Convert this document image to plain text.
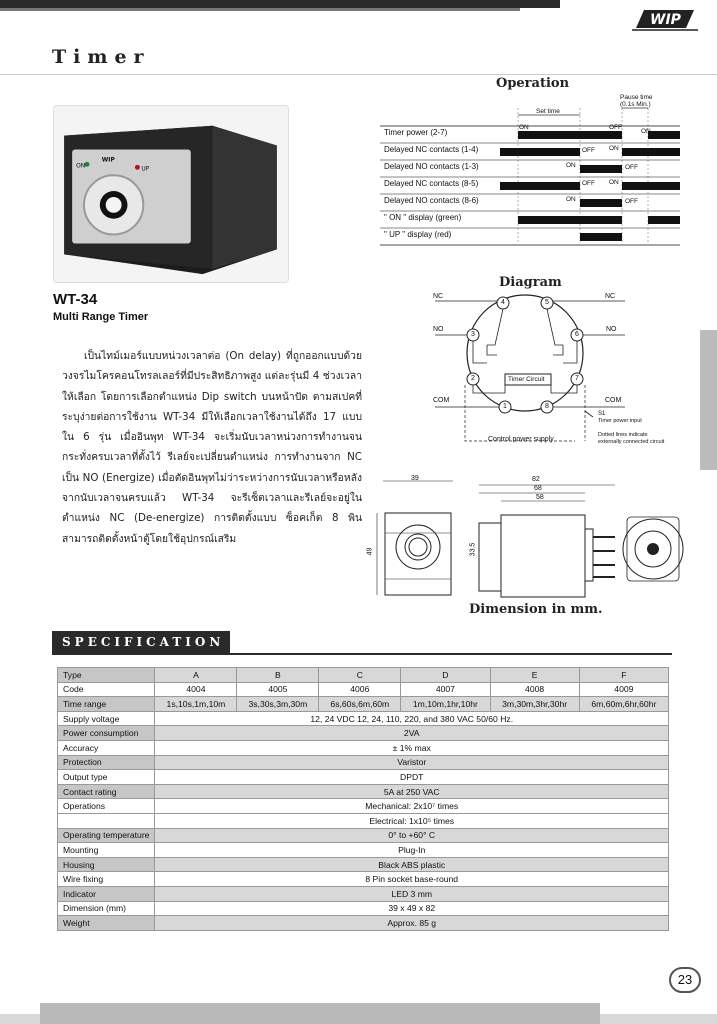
WIP
Timer
ON	UP
WIP
WT-34
Multi Range Timer
เป็นไทม์เมอร์แบบหน่วงเวลาต่อ (On delay) ที่ถูกออกแบบด้วยวงจรไมโครคอนโทรลเลอร์ที่มีประสิทธิภาพสูง แต่ละรุ่นมี 4 ช่วงเวลาให้เลือก โดยการเลือกตำแหน่ง Dip switch บนหน้าปัด ตามสเปคที่ระบุง่ายต่อการใช้งาน WT-34 มีให้เลือกเวลาใช้งานได้ถึง 17 แบบใน 6 รุ่น เมื่ออินพุท WT-34 จะเริ่มนับเวลาหน่วงการทำงานจนกระทั่งครบเวลาที่ตั้งไว้ รีเลย์จะเปลี่ยนตำแหน่ง การทำงานจาก NC เป็น NO (Energize) เมื่อตัดอินพุทไม่ว่าระหว่างการนับเวลาหรือหลังจากนับเวลาจนครบแล้ว WT-34 จะรีเซ็ตเวลาและรีเลย์จะอยู่ในตำแหน่ง NC (De-energize) การติดตั้งแบบ ซ็อคเก็ต 8 พิน สามารถติดตั้งหน้าตู้โดยใช้อุปกรณ์เสริม
Operation
Pause time
(0.1s Min.)
Set time
Timer power (2-7)
Delayed NC contacts (1-4)
Delayed NO contacts (1-3)
Delayed NC contacts (8-5)
Delayed NO contacts (8-6)
" ON " display (green)
" UP " display (red)
ON	OFF
ON
OFF ON
ON	OFF
OFF ON
ON	OFF
Diagram
NC	NC
NO	NO
COM	COM
Timer Circuit
1
2
3
4	5
6
7
8
Control power supply
S1
Timer power input
Dotted lines indicate
externally connected circuit
39
49
82
68
58
33.5
Dimension in mm.
SPECIFICATION
Type	A	B	C	D	E	F
Code	4004	4005	4006	4007	4008	4009
Time range	1s,10s,1m,10m	3s,30s,3m,30m	6s,60s,6m,60m	1m,10m,1hr,10hr	3m,30m,3hr,30hr	6m,60m,6hr,60hr
Supply voltage	12, 24 VDC 12, 24, 110, 220, and 380 VAC 50/60 Hz.					
Power consumption	2VA					
Accuracy	± 1% max					
Protection	Varistor					
Output type	DPDT					
Contact rating	5A at 250 VAC					
Operations	Mechanical: 2x10⁷ times					
	Electrical: 1x10⁵ times					
Operating temperature	0° to +60° C					
Mounting	Plug-In					
Housing	Black ABS plastic					
Wire fixing	8 Pin socket base-round					
Indicator	LED 3 mm					
Dimension (mm)	39 x 49 x 82					
Weight	Approx. 85 g					
23
